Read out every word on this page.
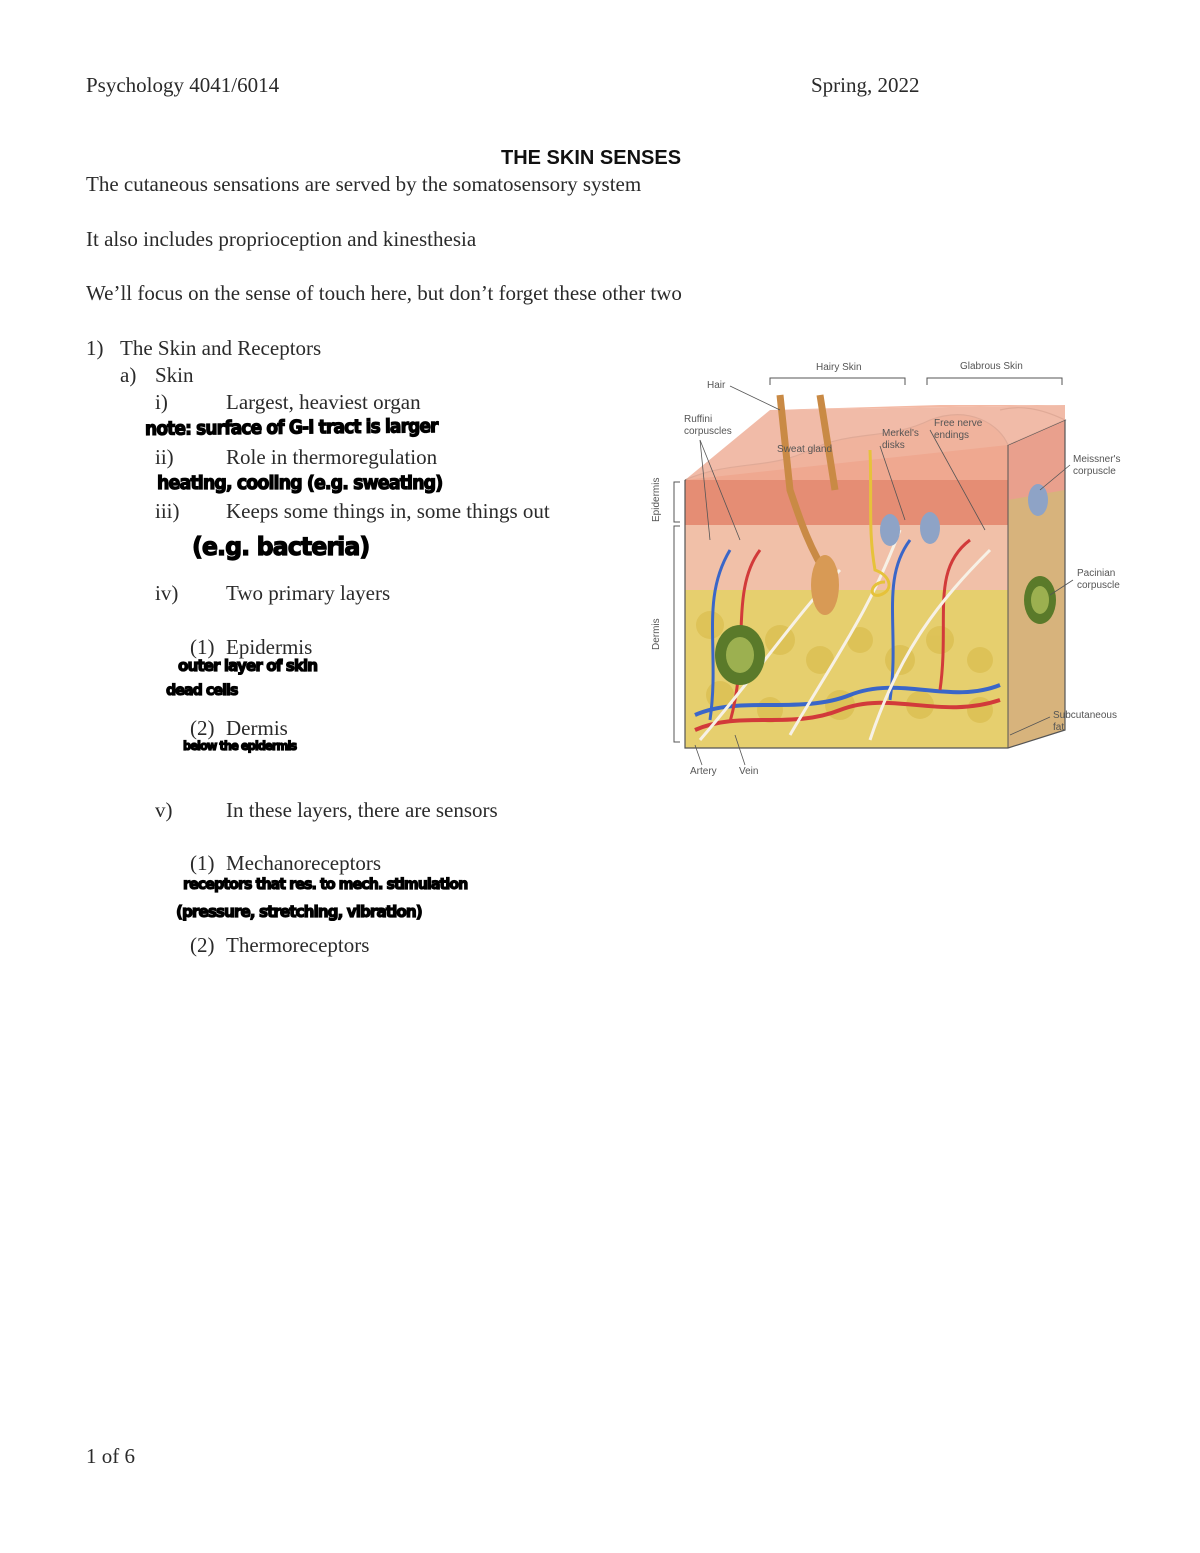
Psychology 4041/6014	Spring, 2022
THE SKIN SENSES
The cutaneous sensations are served by the somatosensory system
It also includes proprioception and kinesthesia
We’ll focus on the sense of touch here, but don’t forget these other two
1) The Skin and Receptors
a) Skin
i)	Largest, heaviest organ
note: surface of G-I tract is larger
ii) Role in thermoregulation
heating, cooling (e.g. sweating)
iii) Keeps some things in, some things out
(e.g. bacteria)
iv) Two primary layers
(1) Epidermis
outer layer of skin
dead cells
(2) Dermis
below the epidermis
v)	In these layers, there are sensors
(1) Mechanoreceptors
receptors that res. to mech. stimulation
(pressure, stretching, vibration)
(2) Thermoreceptors
Hair
Hairy Skin	Glabrous Skin
Ruffini
corpuscles
Sweat gland
Merkel's
disks
Free nerve
endings
Meissner's
corpuscle
Pacinian
corpuscle
Subcutaneous
fat
Artery Vein
Epidermis
Dermis
1 of 6
